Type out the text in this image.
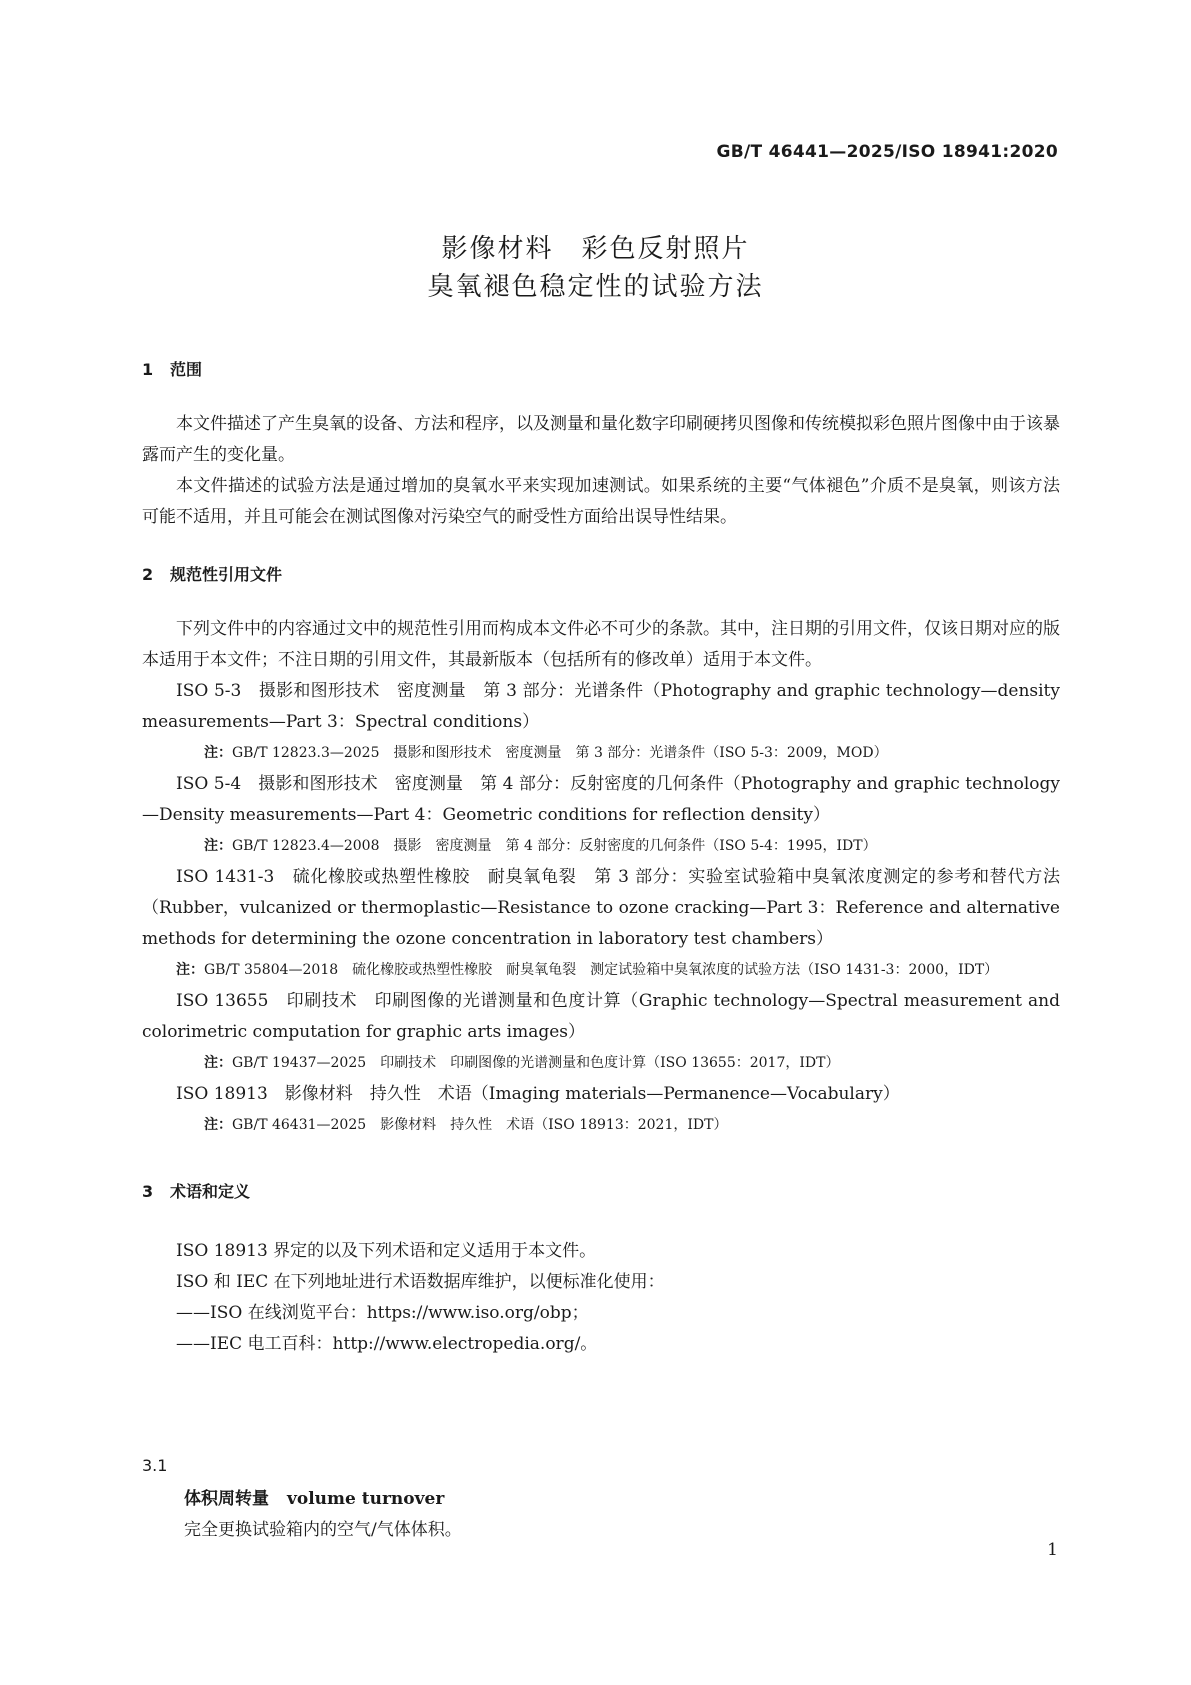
GB/T 46441—2025/ISO 18941:2020
影像材料　彩色反射照片
臭氧褪色稳定性的试验方法
1 范围

本文件描述了产生臭氧的设备、方法和程序，以及测量和量化数字印刷硬拷贝图像和传统模拟彩色照片图像中由于该暴露而产生的变化量。

本文件描述的试验方法是通过增加的臭氧水平来实现加速测试。如果系统的主要“气体褪色”介质不是臭氧，则该方法可能不适用，并且可能会在测试图像对污染空气的耐受性方面给出误导性结果。

2 规范性引用文件

下列文件中的内容通过文中的规范性引用而构成本文件必不可少的条款。其中，注日期的引用文件，仅该日期对应的版本适用于本文件；不注日期的引用文件，其最新版本（包括所有的修改单）适用于本文件。

ISO 5-3　摄影和图形技术　密度测量　第 3 部分：光谱条件（Photography and graphic technology—density measurements—Part 3：Spectral conditions）

注：GB/T 12823.3—2025　摄影和图形技术　密度测量　第 3 部分：光谱条件（ISO 5-3：2009，MOD）

ISO 5-4　摄影和图形技术　密度测量　第 4 部分：反射密度的几何条件（Photography and graphic technology—Density measurements—Part 4：Geometric conditions for reflection density）

注：GB/T 12823.4—2008　摄影　密度测量　第 4 部分：反射密度的几何条件（ISO 5-4：1995，IDT）

ISO 1431-3　硫化橡胶或热塑性橡胶　耐臭氧龟裂　第 3 部分：实验室试验箱中臭氧浓度测定的参考和替代方法（Rubber，vulcanized or thermoplastic—Resistance to ozone cracking—Part 3：Reference and alternative methods for determining the ozone concentration in laboratory test chambers）

注：GB/T 35804—2018　硫化橡胶或热塑性橡胶　耐臭氧龟裂　测定试验箱中臭氧浓度的试验方法（ISO 1431-3：2000，IDT）

ISO 13655　印刷技术　印刷图像的光谱测量和色度计算（Graphic technology—Spectral measurement and colorimetric computation for graphic arts images）

注：GB/T 19437—2025　印刷技术　印刷图像的光谱测量和色度计算（ISO 13655：2017，IDT）

ISO 18913　影像材料　持久性　术语（Imaging materials—Permanence—Vocabulary）

注：GB/T 46431—2025　影像材料　持久性　术语（ISO 18913：2021，IDT）

3 术语和定义

ISO 18913 界定的以及下列术语和定义适用于本文件。

ISO 和 IEC 在下列地址进行术语数据库维护，以便标准化使用：

——ISO 在线浏览平台：https://www.iso.org/obp；

——IEC 电工百科：http://www.electropedia.org/。

3.1
体积周转量 volume turnover
完全更换试验箱内的空气/气体体积。
1
